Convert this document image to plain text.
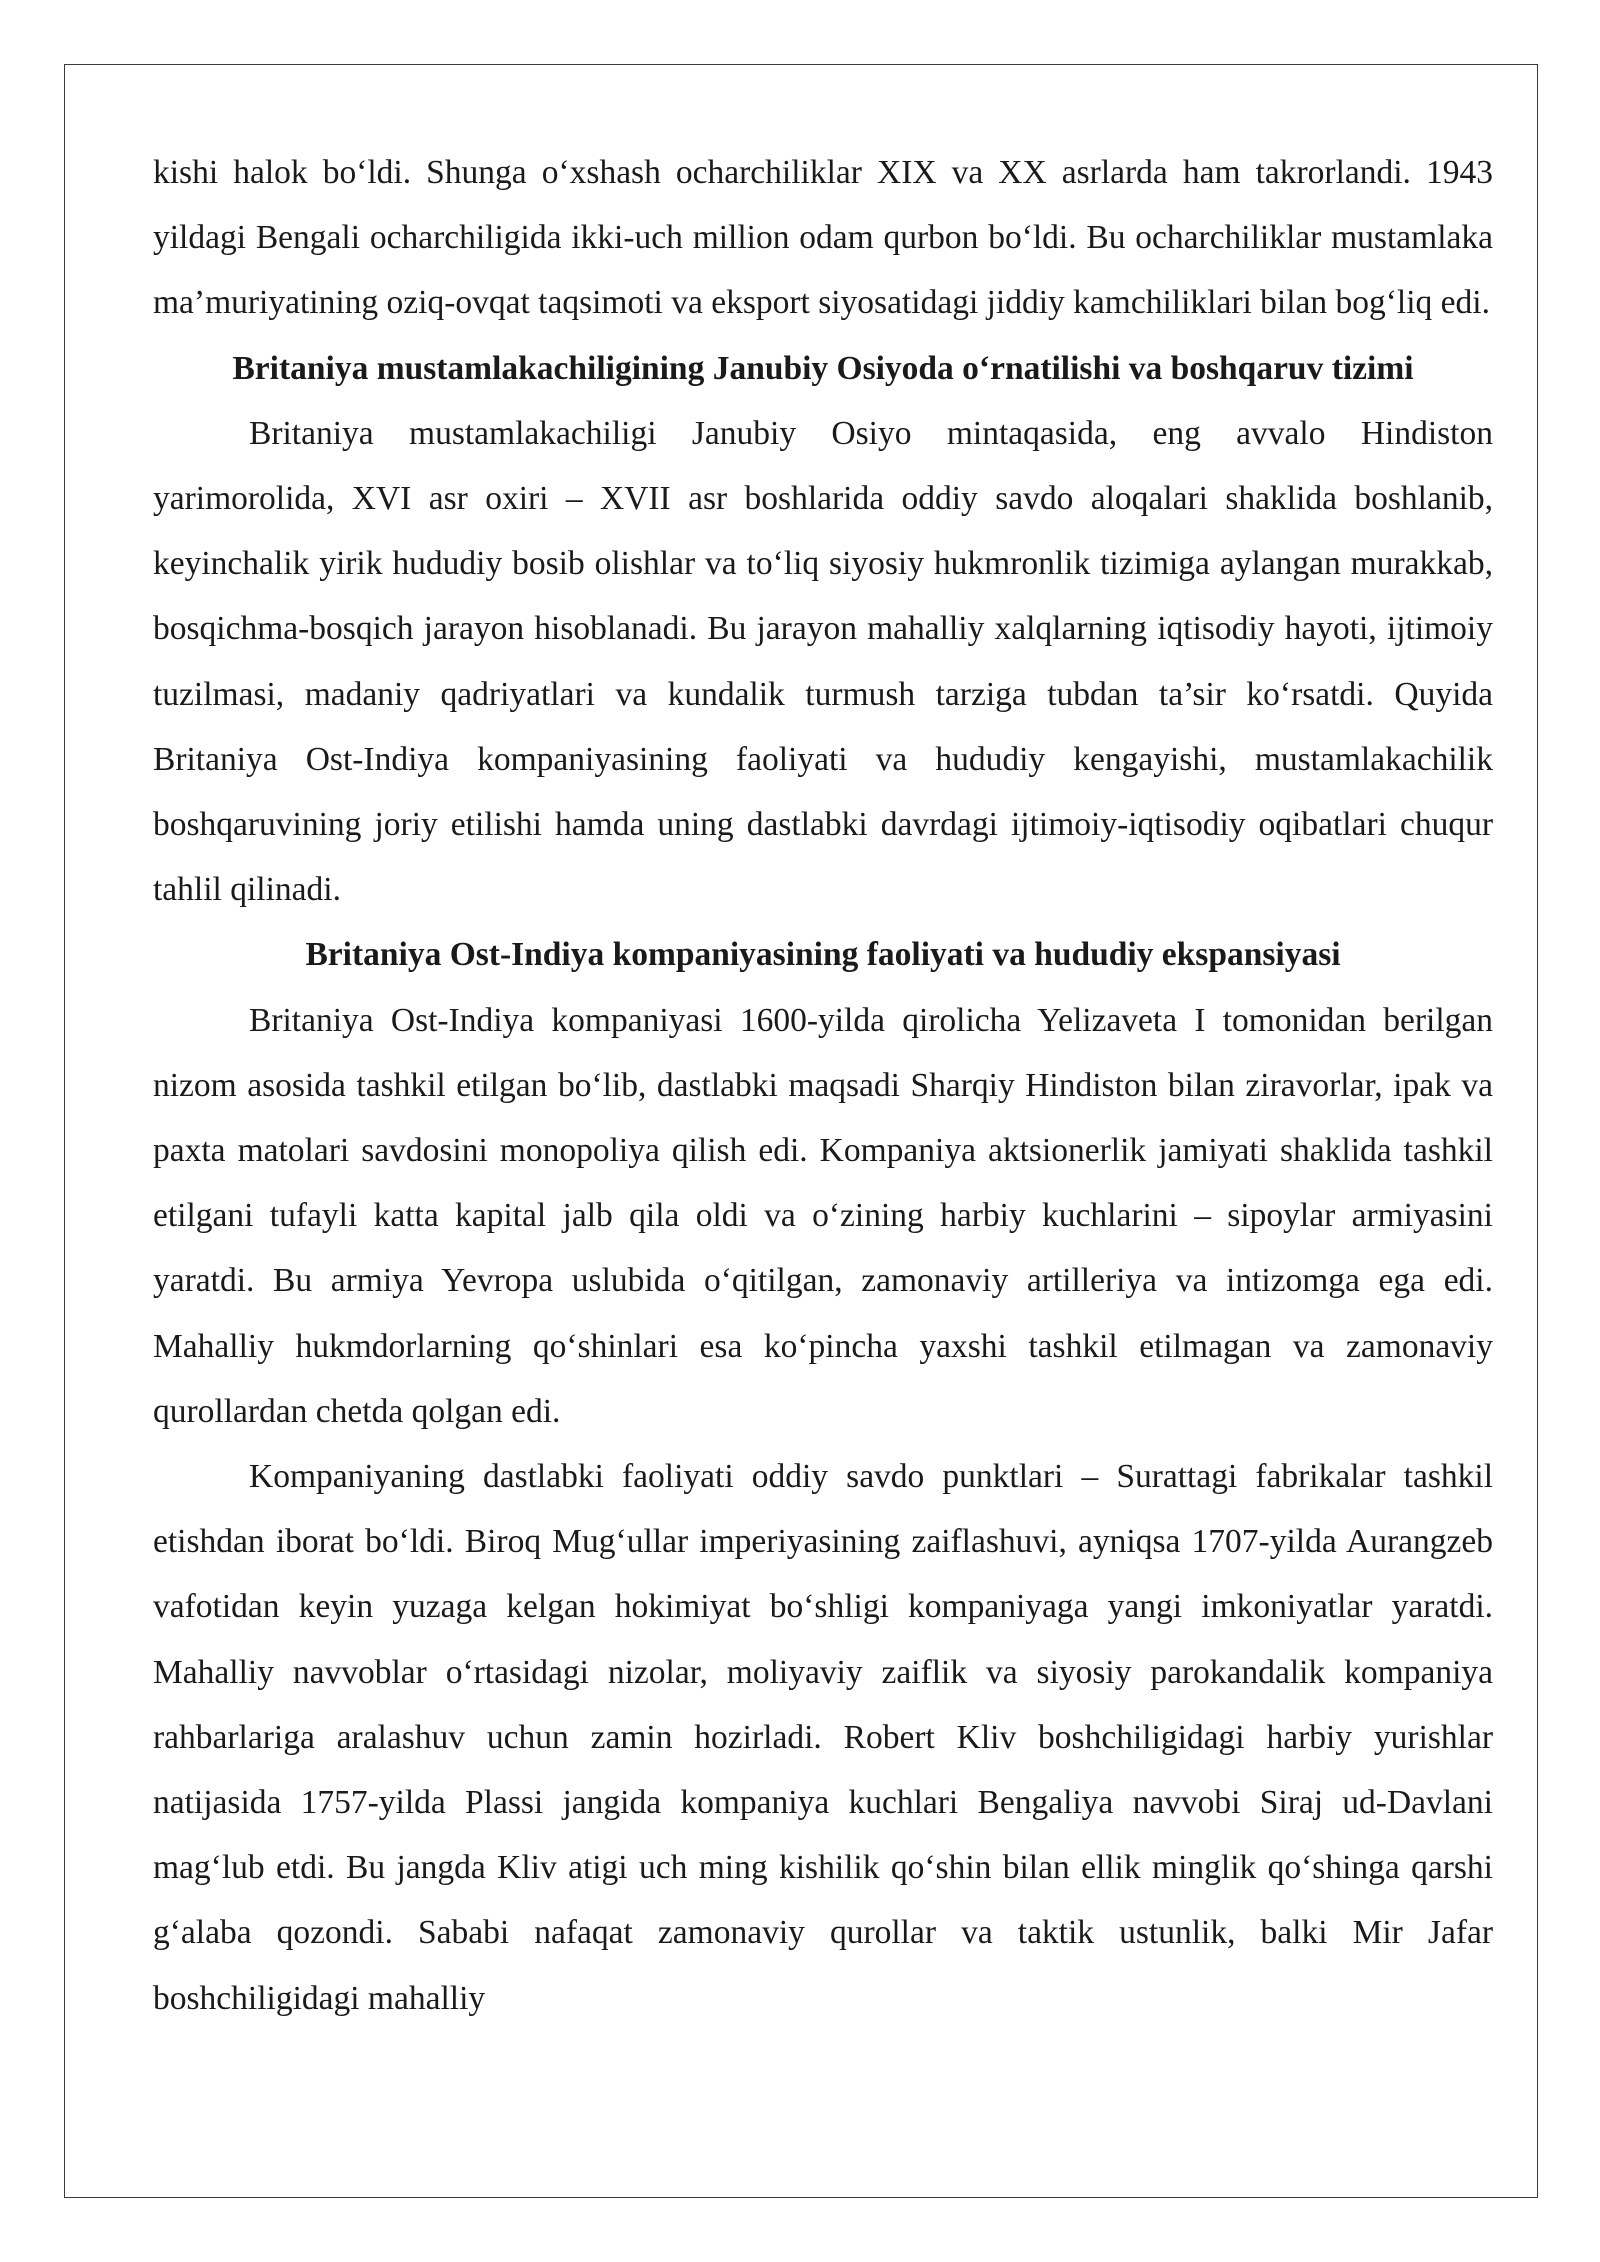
kishi halok bo‘ldi. Shunga o‘xshash ocharchiliklar XIX va XX asrlarda ham takrorlandi. 1943 yildagi Bengali ocharchiligida ikki-uch million odam qurbon bo‘ldi. Bu ocharchiliklar mustamlaka ma’muriyatining oziq-ovqat taqsimoti va eksport siyosatidagi jiddiy kamchiliklari bilan bog‘liq edi.

Britaniya mustamlakachiligining Janubiy Osiyoda o‘rnatilishi va boshqaruv tizimi

Britaniya mustamlakachiligi Janubiy Osiyo mintaqasida, eng avvalo Hindiston yarimorolida, XVI asr oxiri – XVII asr boshlarida oddiy savdo aloqalari shaklida boshlanib, keyinchalik yirik hududiy bosib olishlar va to‘liq siyosiy hukmronlik tizimiga aylangan murakkab, bosqichma-bosqich jarayon hisoblanadi. Bu jarayon mahalliy xalqlarning iqtisodiy hayoti, ijtimoiy tuzilmasi, madaniy qadriyatlari va kundalik turmush tarziga tubdan ta’sir ko‘rsatdi. Quyida Britaniya Ost-Indiya kompaniyasining faoliyati va hududiy kengayishi, mustamlakachilik boshqaruvining joriy etilishi hamda uning dastlabki davrdagi ijtimoiy-iqtisodiy oqibatlari chuqur tahlil qilinadi.

Britaniya Ost-Indiya kompaniyasining faoliyati va hududiy ekspansiyasi

Britaniya Ost-Indiya kompaniyasi 1600-yilda qirolicha Yelizaveta I tomonidan berilgan nizom asosida tashkil etilgan bo‘lib, dastlabki maqsadi Sharqiy Hindiston bilan ziravorlar, ipak va paxta matolari savdosini monopoliya qilish edi. Kompaniya aktsionerlik jamiyati shaklida tashkil etilgani tufayli katta kapital jalb qila oldi va o‘zining harbiy kuchlarini – sipoylar armiyasini yaratdi. Bu armiya Yevropa uslubida o‘qitilgan, zamonaviy artilleriya va intizomga ega edi. Mahalliy hukmdorlarning qo‘shinlari esa ko‘pincha yaxshi tashkil etilmagan va zamonaviy qurollardan chetda qolgan edi.

Kompaniyaning dastlabki faoliyati oddiy savdo punktlari – Surattagi fabrikalar tashkil etishdan iborat bo‘ldi. Biroq Mug‘ullar imperiyasining zaiflashuvi, ayniqsa 1707-yilda Aurangzeb vafotidan keyin yuzaga kelgan hokimiyat bo‘shligi kompaniyaga yangi imkoniyatlar yaratdi. Mahalliy navvoblar o‘rtasidagi nizolar, moliyaviy zaiflik va siyosiy parokandalik kompaniya rahbarlariga aralashuv uchun zamin hozirladi. Robert Kliv boshchiligidagi harbiy yurishlar natijasida 1757-yilda Plassi jangida kompaniya kuchlari Bengaliya navvobi Siraj ud-Davlani mag‘lub etdi. Bu jangda Kliv atigi uch ming kishilik qo‘shin bilan ellik minglik qo‘shinga qarshi g‘alaba qozondi. Sababi nafaqat zamonaviy qurollar va taktik ustunlik, balki Mir Jafar boshchiligidagi mahalliy
